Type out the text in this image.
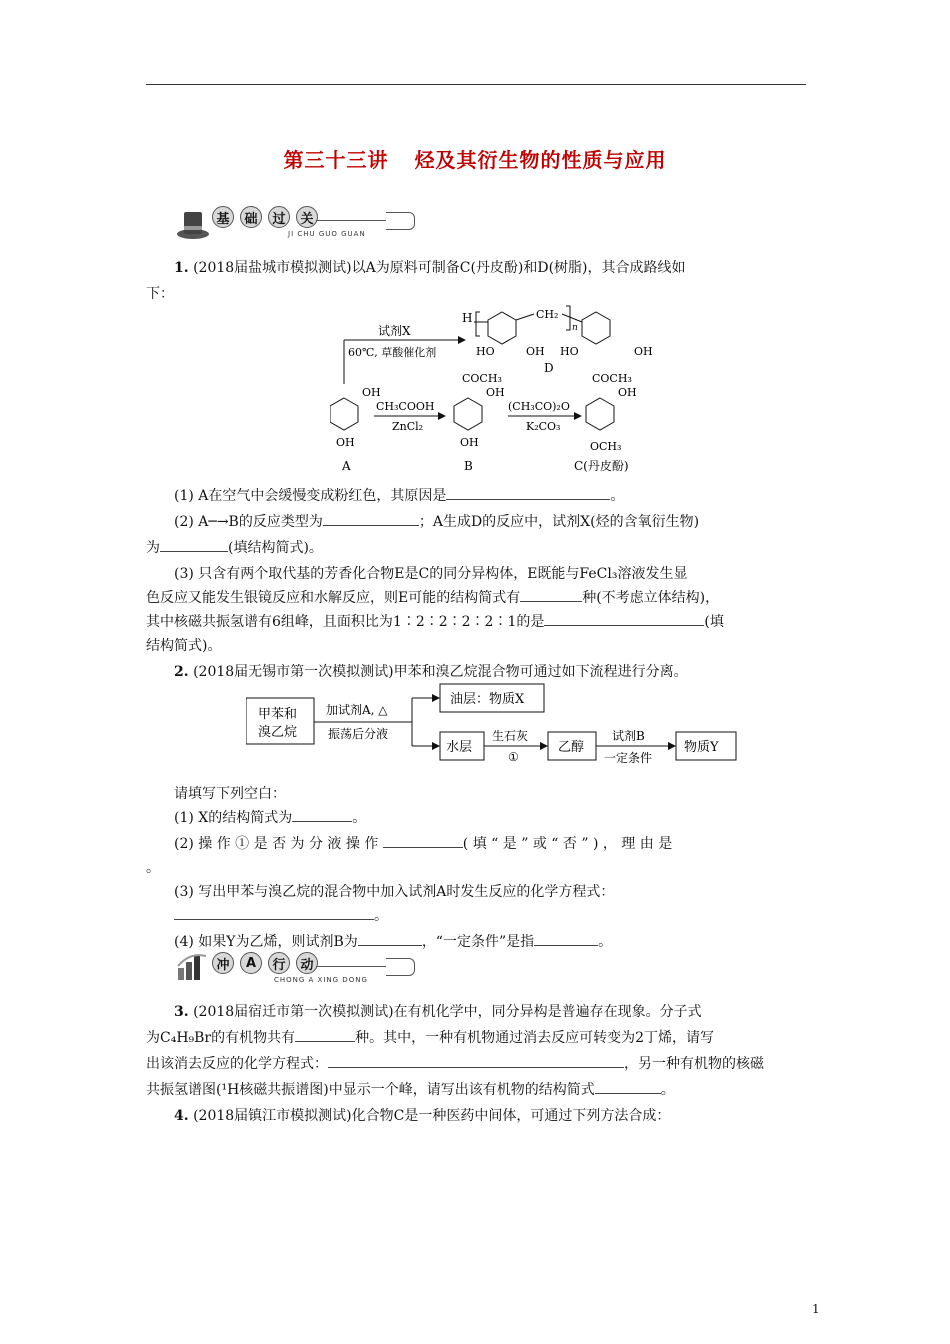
第三十三讲 烃及其衍生物的性质与应用
基	础	过	关
JI CHU GUO GUAN
1. (2018届盐城市模拟测试)以A为原料可制备C(丹皮酚)和D(树脂)，其合成路线如
下：
试剂X
60℃, 草酸催化剂
H	CH₂
n
HO	OH HO	OH
D
OH
OH
A
CH₃COOH
ZnCl₂
COCH₃
OH
OH
B
(CH₃CO)₂O
K₂CO₃
COCH₃
OH
OCH₃
C(丹皮酚)
(1) A在空气中会缓慢变成粉红色，其原因是	。
(2) A─→B的反应类型为	；A生成D的反应中，试剂X(烃的含氧衍生物)
为	(填结构简式)。
(3) 只含有两个取代基的芳香化合物E是C的同分异构体，E既能与FeCl₃溶液发生显
色反应又能发生银镜反应和水解反应，则E可能的结构简式有	种(不考虑立体结构)，
其中核磁共振氢谱有6组峰，且面积比为1∶2∶2∶2∶2∶1的是	(填
结构简式)。
2. (2018届无锡市第一次模拟测试)甲苯和溴乙烷混合物可通过如下流程进行分离。
甲苯和
溴乙烷
加试剂A, △
振荡后分液
油层：物质X
水层
生石灰
①
乙醇
试剂B
一定条件
物质Y
请填写下列空白：
(1) X的结构简式为	。
(2) 操 作 ① 是 否 为 分 液 操 作	( 填 “ 是 ” 或 “ 否 ” ) ， 理 由 是
。
(3) 写出甲苯与溴乙烷的混合物中加入试剂A时发生反应的化学方程式：
。
(4) 如果Y为乙烯，则试剂B为	，“一定条件”是指	。
冲	A	行	动
CHONG A XING DONG
3. (2018届宿迁市第一次模拟测试)在有机化学中，同分异构是普遍存在现象。分子式
为C₄H₉Br的有机物共有	种。其中，一种有机物通过消去反应可转变为2丁烯，请写
出该消去反应的化学方程式：	，另一种有机物的核磁
共振氢谱图(¹H核磁共振谱图)中显示一个峰，请写出该有机物的结构简式	。
4. (2018届镇江市模拟测试)化合物C是一种医药中间体，可通过下列方法合成：
1
